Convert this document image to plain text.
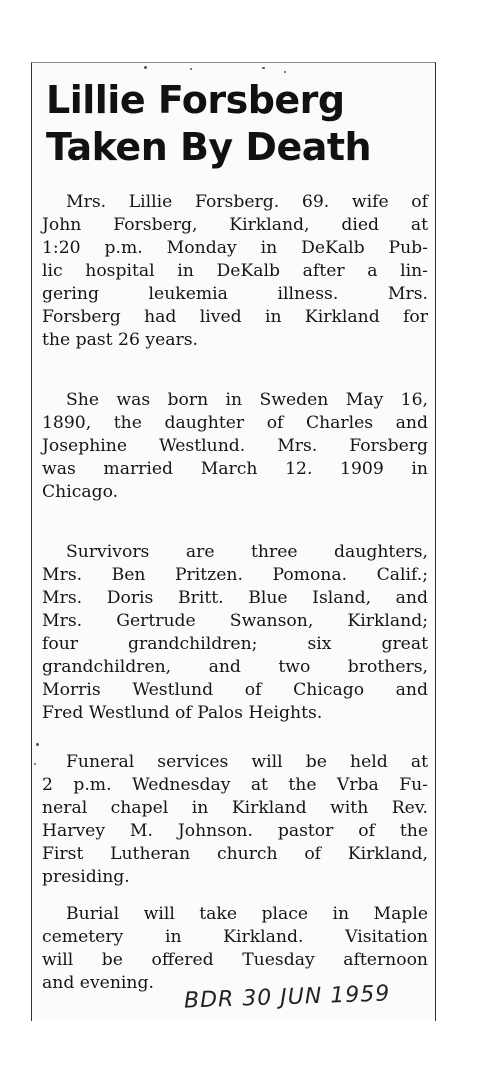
Lillie Forsberg
Taken By Death

Mrs. Lillie Forsberg. 69. wife of
John Forsberg, Kirkland, died at
1:20 p.m. Monday in DeKalb Pub-
lic hospital in DeKalb after a lin-
gering leukemia illness. Mrs.
Forsberg had lived in Kirkland for
the past 26 years.

She was born in Sweden May 16,
1890, the daughter of Charles and
Josephine Westlund. Mrs. Forsberg
was married March 12. 1909 in
Chicago.

Survivors are three daughters,
Mrs. Ben Pritzen. Pomona. Calif.;
Mrs. Doris Britt. Blue Island, and
Mrs. Gertrude Swanson, Kirkland;
four grandchildren; six great
grandchildren, and two brothers,
Morris Westlund of Chicago and
Fred Westlund of Palos Heights.

Funeral services will be held at
2 p.m. Wednesday at the Vrba Fu-
neral chapel in Kirkland with Rev.
Harvey M. Johnson. pastor of the
First Lutheran church of Kirkland,
presiding.

Burial will take place in Maple
cemetery in Kirkland. Visitation
will be offered Tuesday afternoon
and evening.	BDR 30 JUN 1959
